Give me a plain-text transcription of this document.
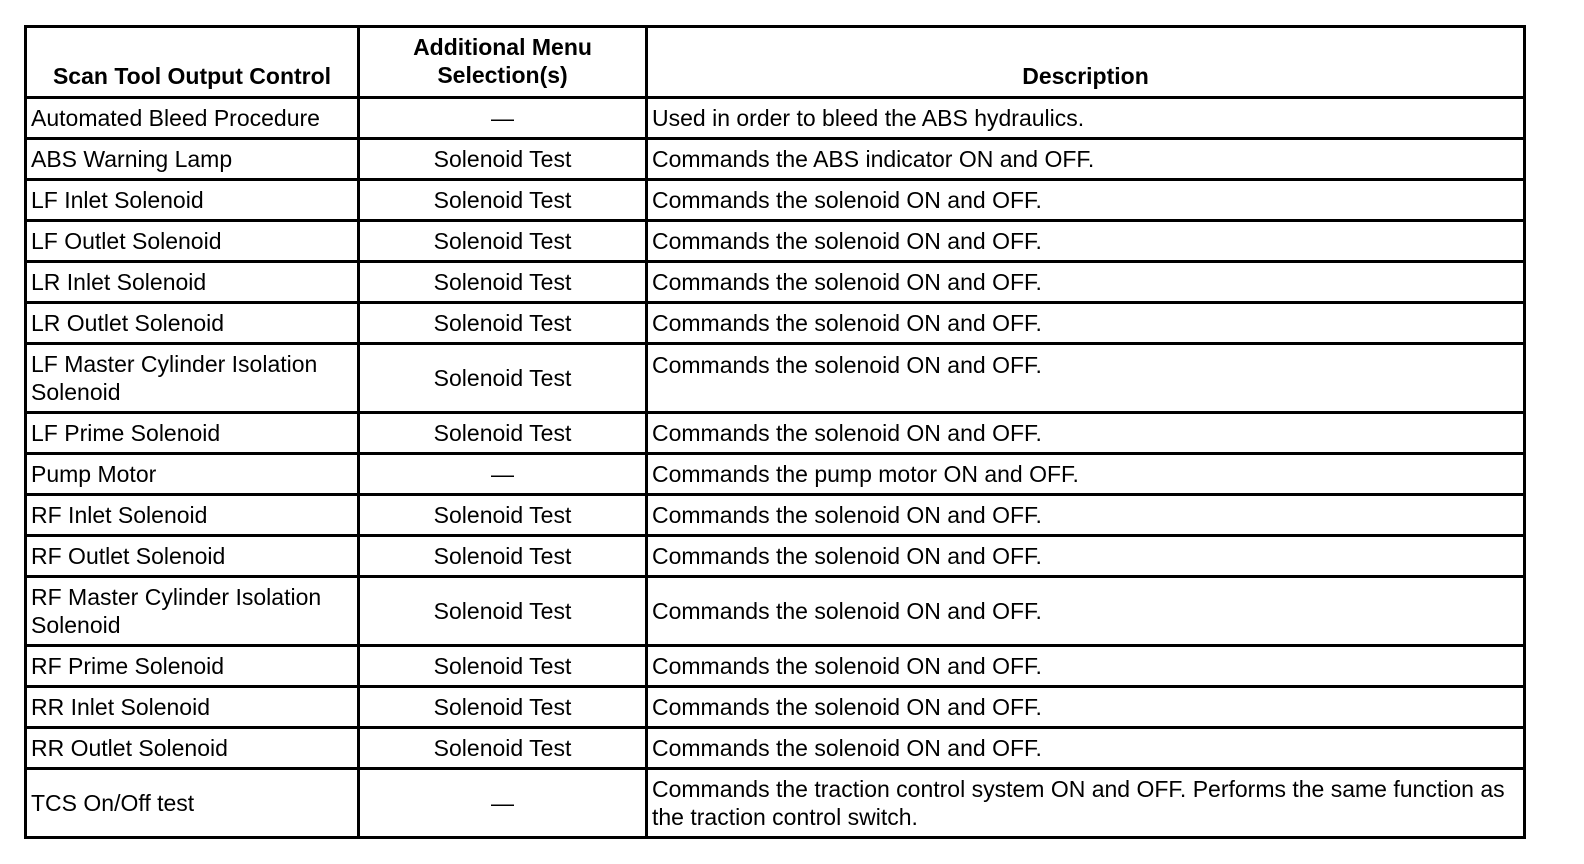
Scan Tool Output Control	Additional Menu Selection(s)	Description
Automated Bleed Procedure	—	Used in order to bleed the ABS hydraulics.
ABS Warning Lamp	Solenoid Test	Commands the ABS indicator ON and OFF.
LF Inlet Solenoid	Solenoid Test	Commands the solenoid ON and OFF.
LF Outlet Solenoid	Solenoid Test	Commands the solenoid ON and OFF.
LR Inlet Solenoid	Solenoid Test	Commands the solenoid ON and OFF.
LR Outlet Solenoid	Solenoid Test	Commands the solenoid ON and OFF.
LF Master Cylinder Isolation Solenoid	Solenoid Test	Commands the solenoid ON and OFF.
LF Prime Solenoid	Solenoid Test	Commands the solenoid ON and OFF.
Pump Motor	—	Commands the pump motor ON and OFF.
RF Inlet Solenoid	Solenoid Test	Commands the solenoid ON and OFF.
RF Outlet Solenoid	Solenoid Test	Commands the solenoid ON and OFF.
RF Master Cylinder Isolation Solenoid	Solenoid Test	Commands the solenoid ON and OFF.
RF Prime Solenoid	Solenoid Test	Commands the solenoid ON and OFF.
RR Inlet Solenoid	Solenoid Test	Commands the solenoid ON and OFF.
RR Outlet Solenoid	Solenoid Test	Commands the solenoid ON and OFF.
TCS On/Off test	—	Commands the traction control system ON and OFF. Performs the same function as the traction control switch.
